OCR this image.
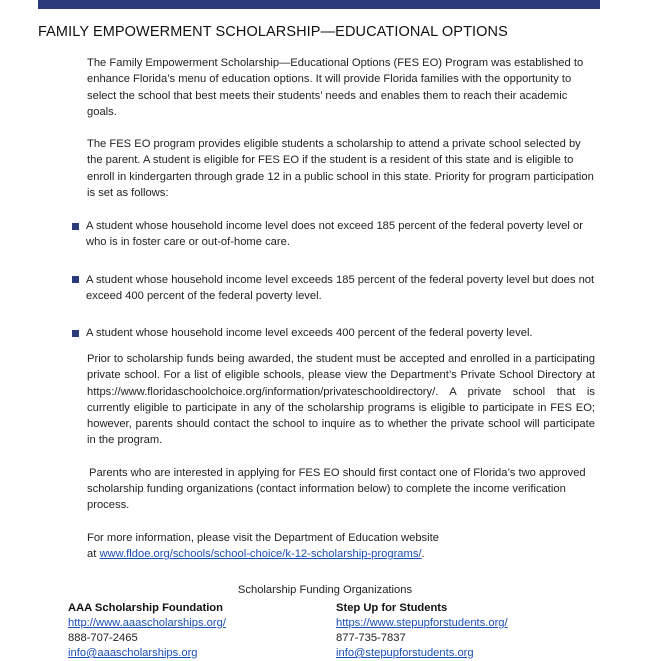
FAMILY EMPOWERMENT SCHOLARSHIP—EDUCATIONAL OPTIONS

The Family Empowerment Scholarship—Educational Options (FES EO) Program was established to enhance Florida’s menu of education options. It will provide Florida families with the opportunity to select the school that best meets their students’ needs and enables them to reach their academic goals.

The FES EO program provides eligible students a scholarship to attend a private school selected by the parent. A student is eligible for FES EO if the student is a resident of this state and is eligible to enroll in kindergarten through grade 12 in a public school in this state. Priority for program participation is set as follows:

A student whose household income level does not exceed 185 percent of the federal poverty level or who is in foster care or out-of-home care.
A student whose household income level exceeds 185 percent of the federal poverty level but does not exceed 400 percent of the federal poverty level.
A student whose household income level exceeds 400 percent of the federal poverty level.

Prior to scholarship funds being awarded, the student must be accepted and enrolled in a participating private school. For a list of eligible schools, please view the Department’s Private School Directory at https://www.floridaschoolchoice.org/information/privateschooldirectory/. A private school that is currently eligible to participate in any of the scholarship programs is eligible to participate in FES EO; however, parents should contact the school to inquire as to whether the private school will participate in the program.

Parents who are interested in applying for FES EO should first contact one of Florida’s two approved scholarship funding organizations (contact information below) to complete the income verification process.

For more information, please visit the Department of Education website
at www.fldoe.org/schools/school-choice/k-12-scholarship-programs/.

Scholarship Funding Organizations
AAA Scholarship Foundation
http://www.aaascholarships.org/
888-707-2465
info@aaascholarships.org
Step Up for Students
https://www.stepupforstudents.org/
877-735-7837
info@stepupforstudents.org
